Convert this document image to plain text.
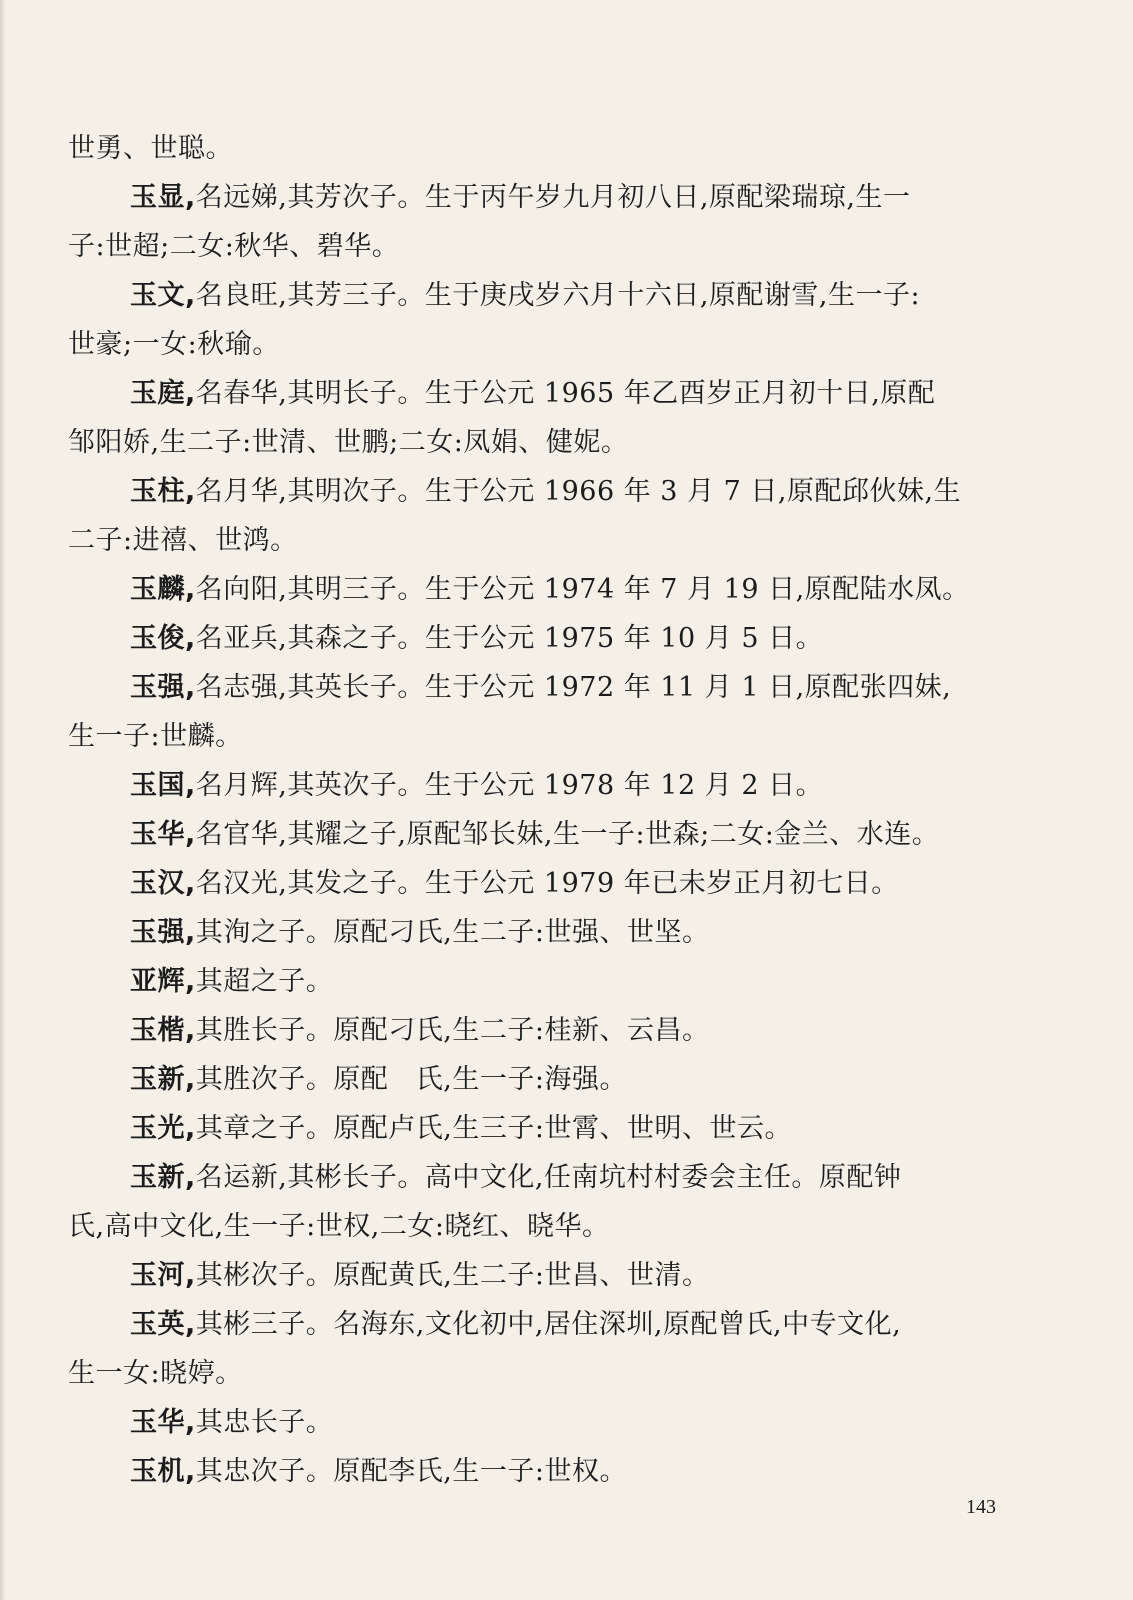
世勇、世聪。
玉显,名远娣,其芳次子。生于丙午岁九月初八日,原配梁瑞琼,生一
子:世超;二女:秋华、碧华。
玉文,名良旺,其芳三子。生于庚戌岁六月十六日,原配谢雪,生一子:
世豪;一女:秋瑜。
玉庭,名春华,其明长子。生于公元 1965 年乙酉岁正月初十日,原配
邹阳娇,生二子:世清、世鹏;二女:凤娟、健妮。
玉柱,名月华,其明次子。生于公元 1966 年 3 月 7 日,原配邱伙妹,生
二子:进禧、世鸿。
玉麟,名向阳,其明三子。生于公元 1974 年 7 月 19 日,原配陆水凤。
玉俊,名亚兵,其森之子。生于公元 1975 年 10 月 5 日。
玉强,名志强,其英长子。生于公元 1972 年 11 月 1 日,原配张四妹,
生一子:世麟。
玉国,名月辉,其英次子。生于公元 1978 年 12 月 2 日。
玉华,名官华,其耀之子,原配邹长妹,生一子:世森;二女:金兰、水连。
玉汉,名汉光,其发之子。生于公元 1979 年已未岁正月初七日。
玉强,其洵之子。原配刁氏,生二子:世强、世坚。
亚辉,其超之子。
玉楷,其胜长子。原配刁氏,生二子:桂新、云昌。
玉新,其胜次子。原配　氏,生一子:海强。
玉光,其章之子。原配卢氏,生三子:世霄、世明、世云。
玉新,名运新,其彬长子。高中文化,任南坑村村委会主任。原配钟
氏,高中文化,生一子:世权,二女:晓红、晓华。
玉河,其彬次子。原配黄氏,生二子:世昌、世清。
玉英,其彬三子。名海东,文化初中,居住深圳,原配曾氏,中专文化,
生一女:晓婷。
玉华,其忠长子。
玉机,其忠次子。原配李氏,生一子:世权。
143
